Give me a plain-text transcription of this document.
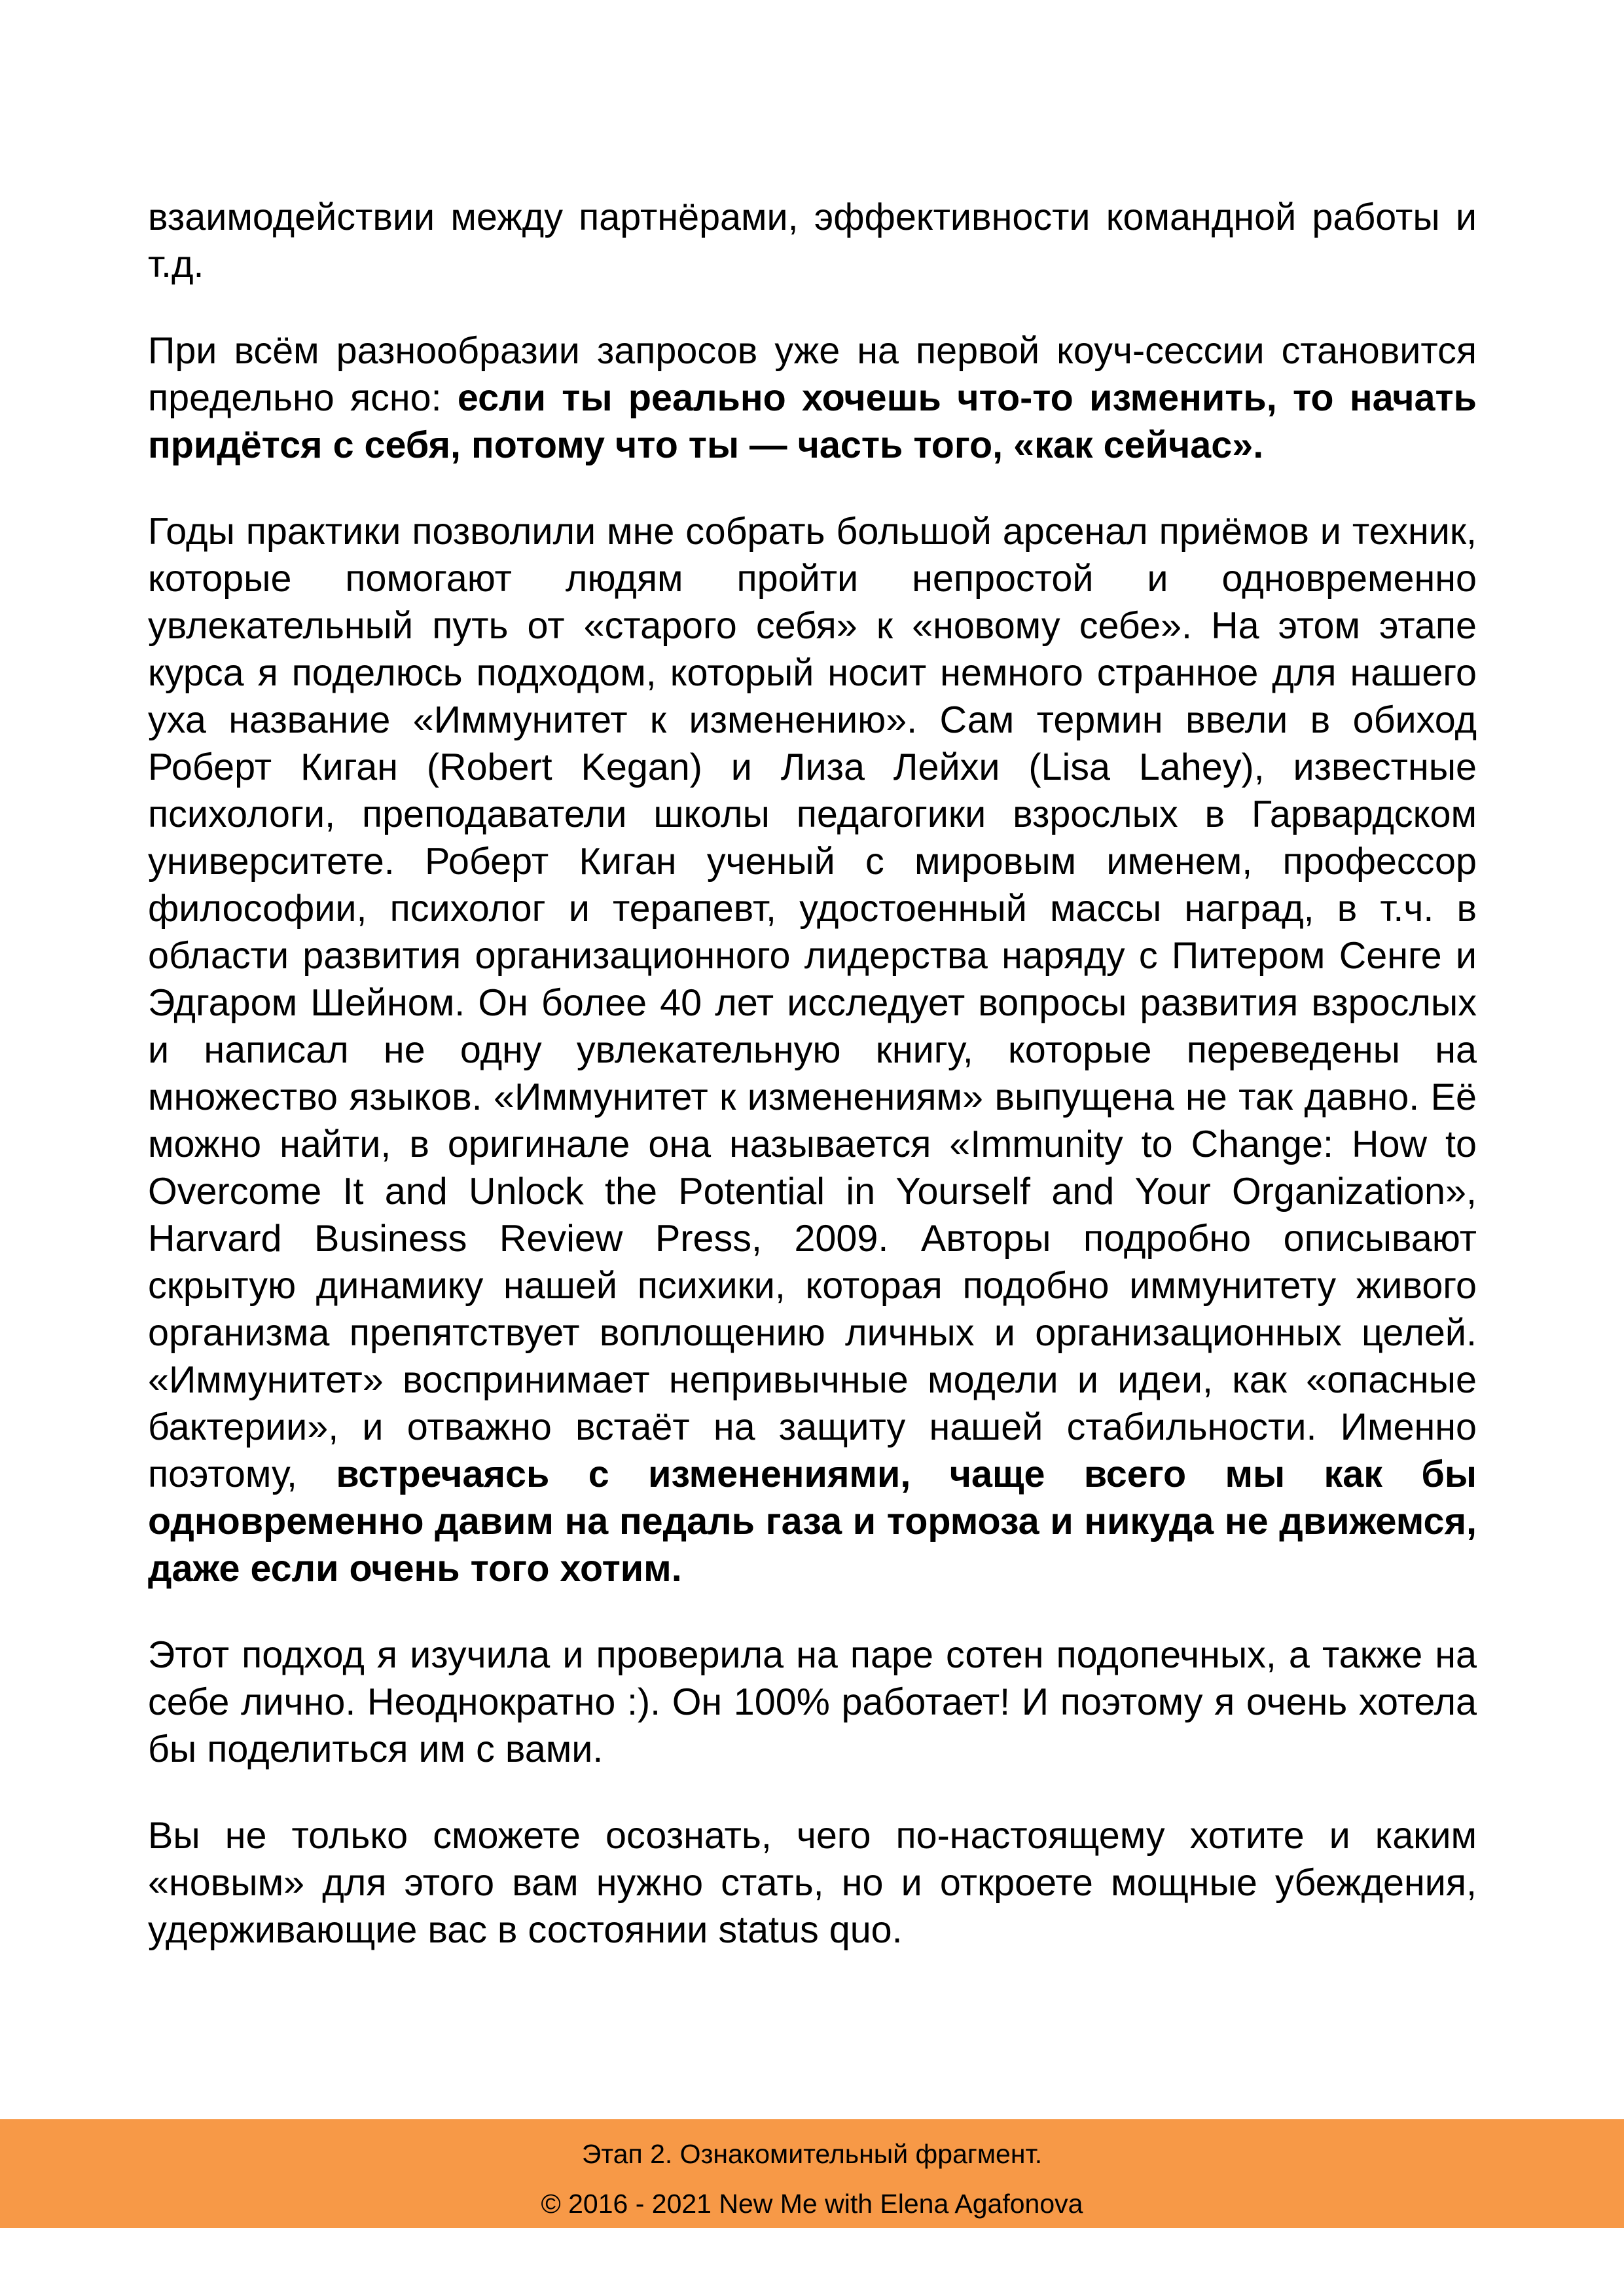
взаимодействии между партнёрами, эффективности командной работы и т.д.

При всём разнообразии запросов уже на первой коуч-сессии становится предельно ясно: если ты реально хочешь что-то изменить, то начать придётся с себя, потому что ты — часть того, «как сейчас».

Годы практики позволили мне собрать большой арсенал приёмов и техник, которые помогают людям пройти непростой и одновременно увлекательный путь от «старого себя» к «новому себе». На этом этапе курса я поделюсь подходом, который носит немного странное для нашего уха название «Иммунитет к изменению». Сам термин ввели в обиход Роберт Киган (Robert Kegan) и Лиза Лейхи (Lisa Lahey), известные психологи, преподаватели школы педагогики взрослых в Гарвардском университете. Роберт Киган ученый с мировым именем, профессор философии, психолог и терапевт, удостоенный массы наград, в т.ч. в области развития организационного лидерства наряду с Питером Сенге и Эдгаром Шейном. Он более 40 лет исследует вопросы развития взрослых и написал не одну увлекательную книгу, которые переведены на множество языков. «Иммунитет к изменениям» выпущена не так давно. Её можно найти, в оригинале она называется «Immunity to Change: How to Overcome It and Unlock the Potential in Yourself and Your Organization», Harvard Business Review Press, 2009. Авторы подробно описывают скрытую динамику нашей психики, которая подобно иммунитету живого организма препятствует воплощению личных и организационных целей. «Иммунитет» воспринимает непривычные модели и идеи, как «опасные бактерии», и отважно встаёт на защиту нашей стабильности. Именно поэтому, встречаясь с изменениями, чаще всего мы как бы одновременно давим на педаль газа и тормоза и никуда не движемся, даже если очень того хотим.

Этот подход я изучила и проверила на паре сотен подопечных, а также на себе лично. Неоднократно :). Он 100% работает! И поэтому я очень хотела бы поделиться им с вами.

Вы не только сможете осознать, чего по-настоящему хотите и каким «новым» для этого вам нужно стать, но и откроете мощные убеждения, удерживающие вас в состоянии status quo.

Этап 2. Ознакомительный фрагмент.
© 2016 - 2021 New Me with Elena Agafonova
